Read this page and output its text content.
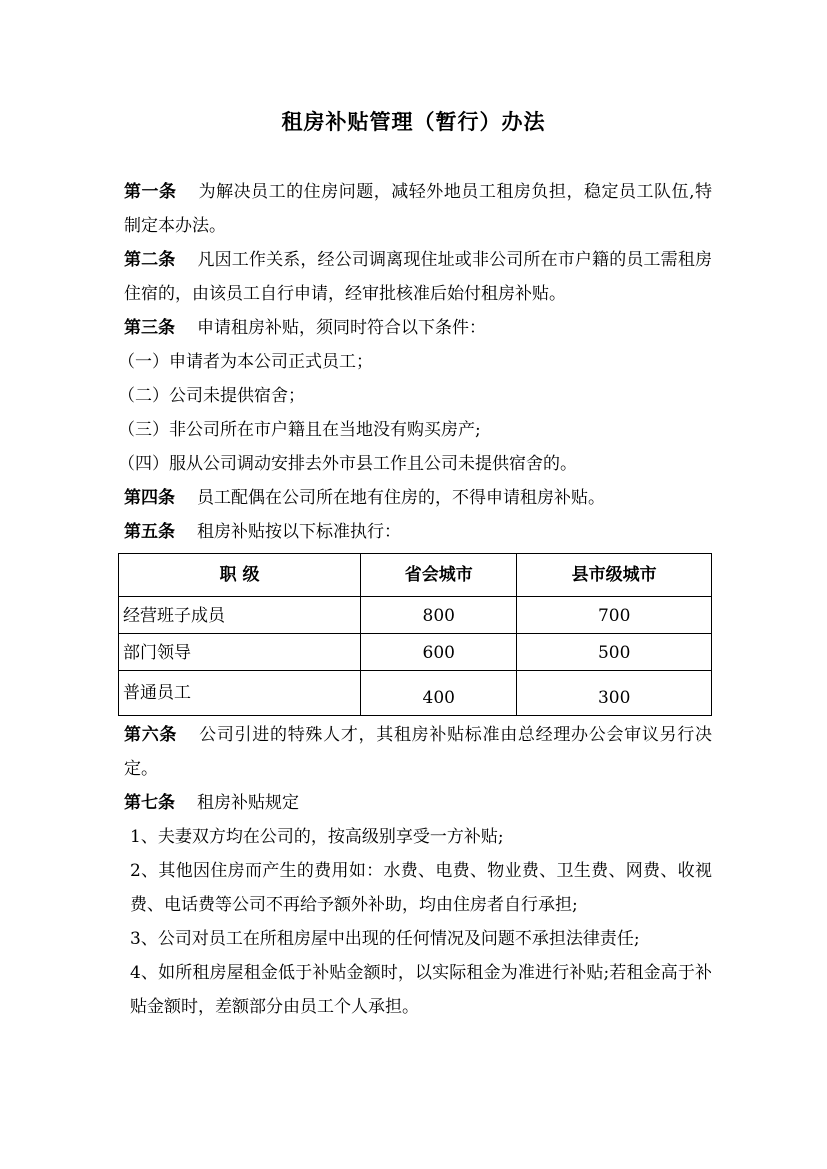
租房补贴管理（暂行）办法

第一条 为解决员工的住房问题，减轻外地员工租房负担，稳定员工队伍,特制定本办法。

第二条 凡因工作关系，经公司调离现住址或非公司所在市户籍的员工需租房住宿的，由该员工自行申请，经审批核准后始付租房补贴。

第三条 申请租房补贴，须同时符合以下条件：

（一）申请者为本公司正式员工；

（二）公司未提供宿舍；

（三）非公司所在市户籍且在当地没有购买房产;

（四）服从公司调动安排去外市县工作且公司未提供宿舍的。

第四条 员工配偶在公司所在地有住房的，不得申请租房补贴。

第五条 租房补贴按以下标准执行：

职 级	省会城市	县市级城市
经营班子成员	800	700
部门领导	600	500
普通员工	400	300

第六条 公司引进的特殊人才，其租房补贴标准由总经理办公会审议另行决定。

第七条 租房补贴规定

1、夫妻双方均在公司的，按高级别享受一方补贴;

2、其他因住房而产生的费用如：水费、电费、物业费、卫生费、网费、收视费、电话费等公司不再给予额外补助，均由住房者自行承担;

3、公司对员工在所租房屋中出现的任何情况及问题不承担法律责任;

4、如所租房屋租金低于补贴金额时，以实际租金为准进行补贴;若租金高于补贴金额时，差额部分由员工个人承担。
